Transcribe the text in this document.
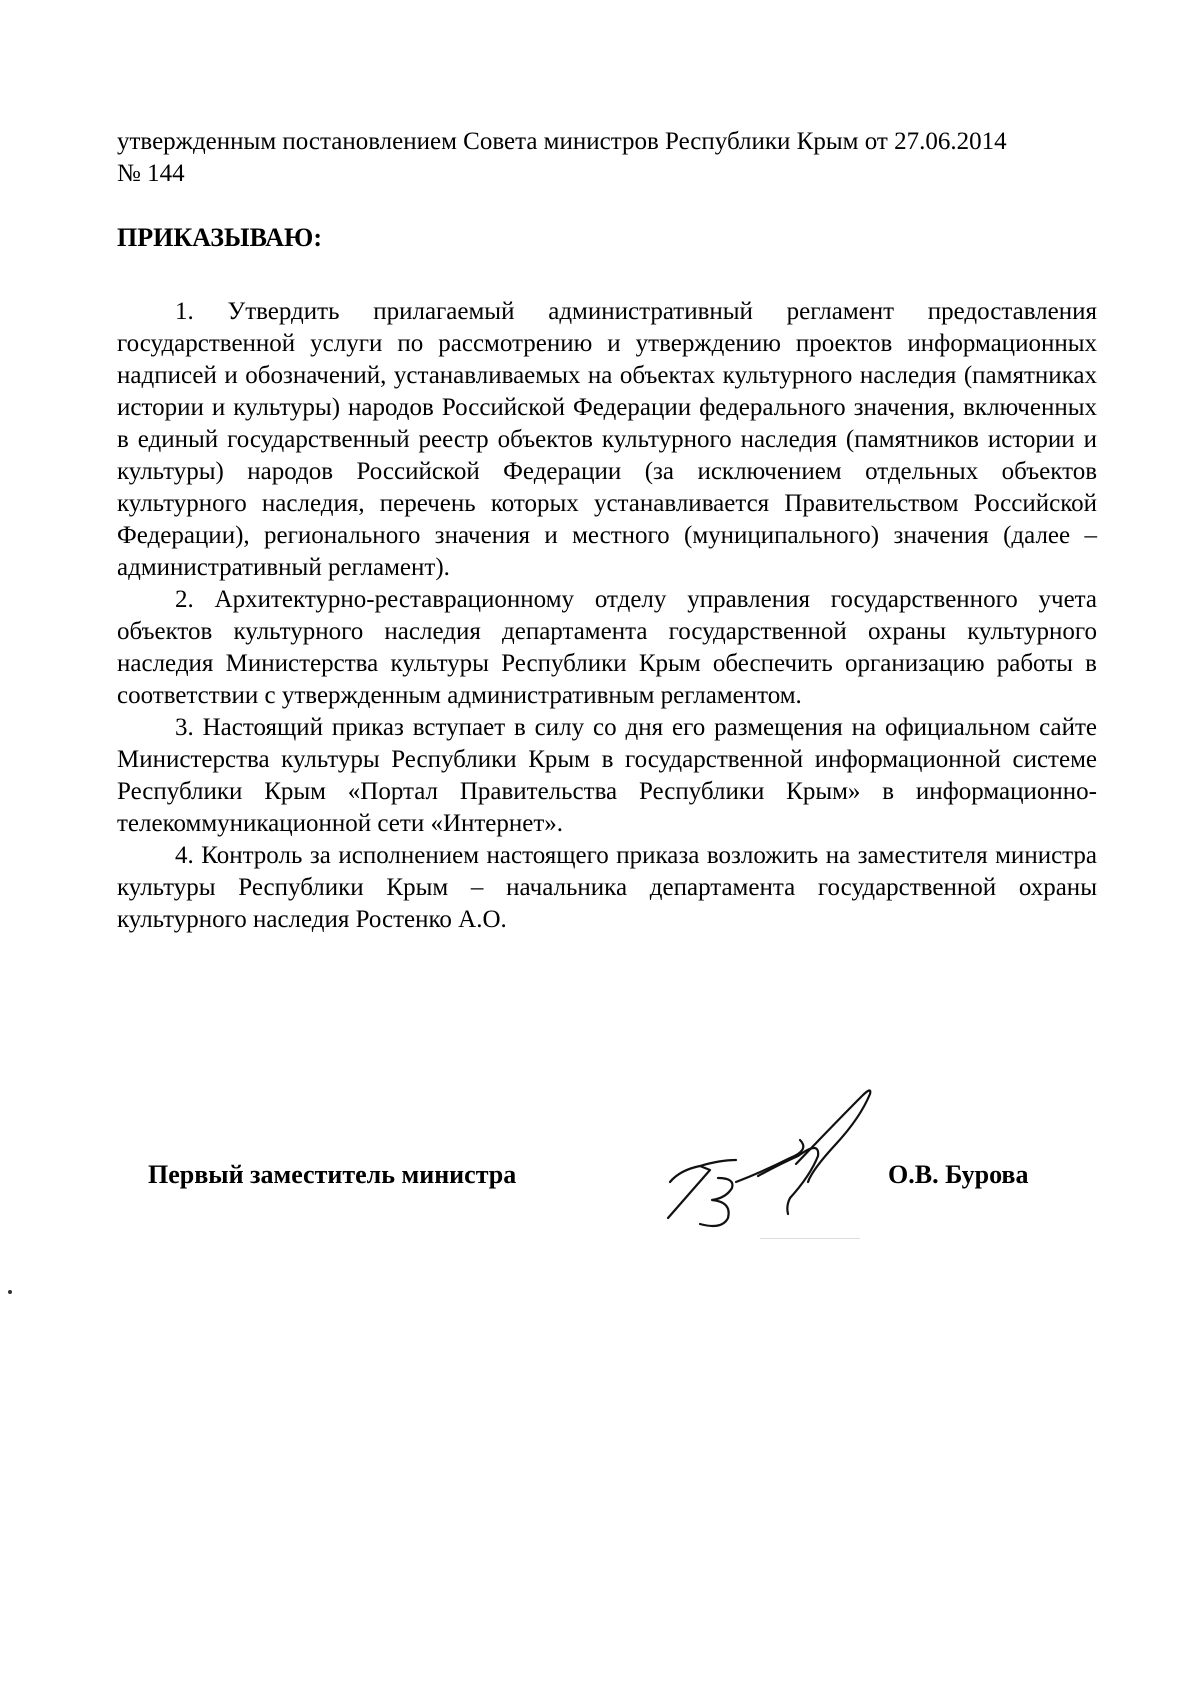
утвержденным постановлением Совета министров Республики Крым от 27.06.2014
№ 144
ПРИКАЗЫВАЮ:

1. Утвердить прилагаемый административный регламент предоставления государственной услуги по рассмотрению и утверждению проектов информационных надписей и обозначений, устанавливаемых на объектах культурного наследия (памятниках истории и культуры) народов Российской Федерации федерального значения, включенных в единый государственный реестр объектов культурного наследия (памятников истории и культуры) народов Российской Федерации (за исключением отдельных объектов культурного наследия, перечень которых устанавливается Правительством Российской Федерации), регионального значения и местного (муниципального) значения (далее – административный регламент).

2. Архитектурно-реставрационному отделу управления государственного учета объектов культурного наследия департамента государственной охраны культурного наследия Министерства культуры Республики Крым обеспечить организацию работы в соответствии с утвержденным административным регламентом.

3. Настоящий приказ вступает в силу со дня его размещения на официальном сайте Министерства культуры Республики Крым в государственной информационной системе Республики Крым «Портал Правительства Республики Крым» в информационно-телекоммуникационной сети «Интернет».

4. Контроль за исполнением настоящего приказа возложить на заместителя министра культуры Республики Крым – начальника департамента государственной охраны культурного наследия Ростенко А.О.

Первый заместитель министра	О.В. Бурова
